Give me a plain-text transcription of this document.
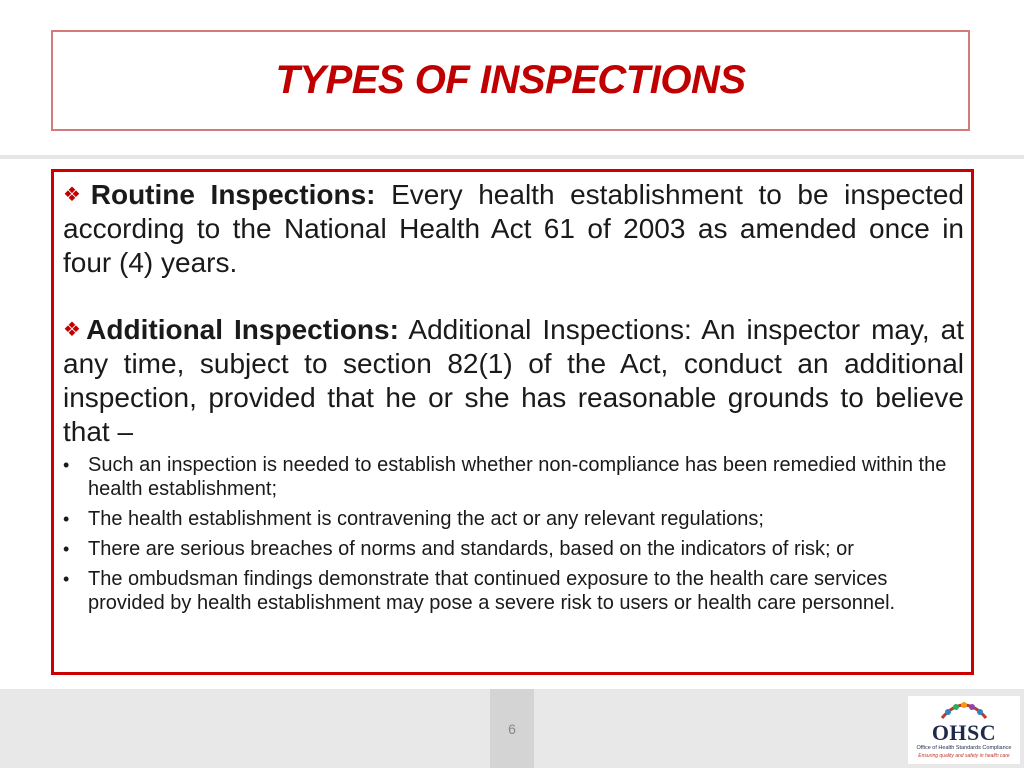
TYPES OF INSPECTIONS

❖Routine Inspections: Every health establishment to be inspected according to the National Health Act 61 of 2003 as amended once in four (4) years.

❖Additional Inspections: Additional Inspections: An inspector may, at any time, subject to section 82(1) of the Act, conduct an additional inspection, provided that he or she has reasonable grounds to believe that –

• Such an inspection is needed to establish whether non-compliance has been remedied within the health establishment;
• The health establishment is contravening the act or any relevant regulations;
• There are serious breaches of norms and standards, based on the indicators of risk; or
• The ombudsman findings demonstrate that continued exposure to the health care services provided by health establishment may pose a severe risk to users or health care personnel.
6	OHSC
Office of Health Standards Compliance
Ensuring quality and safety in health care
